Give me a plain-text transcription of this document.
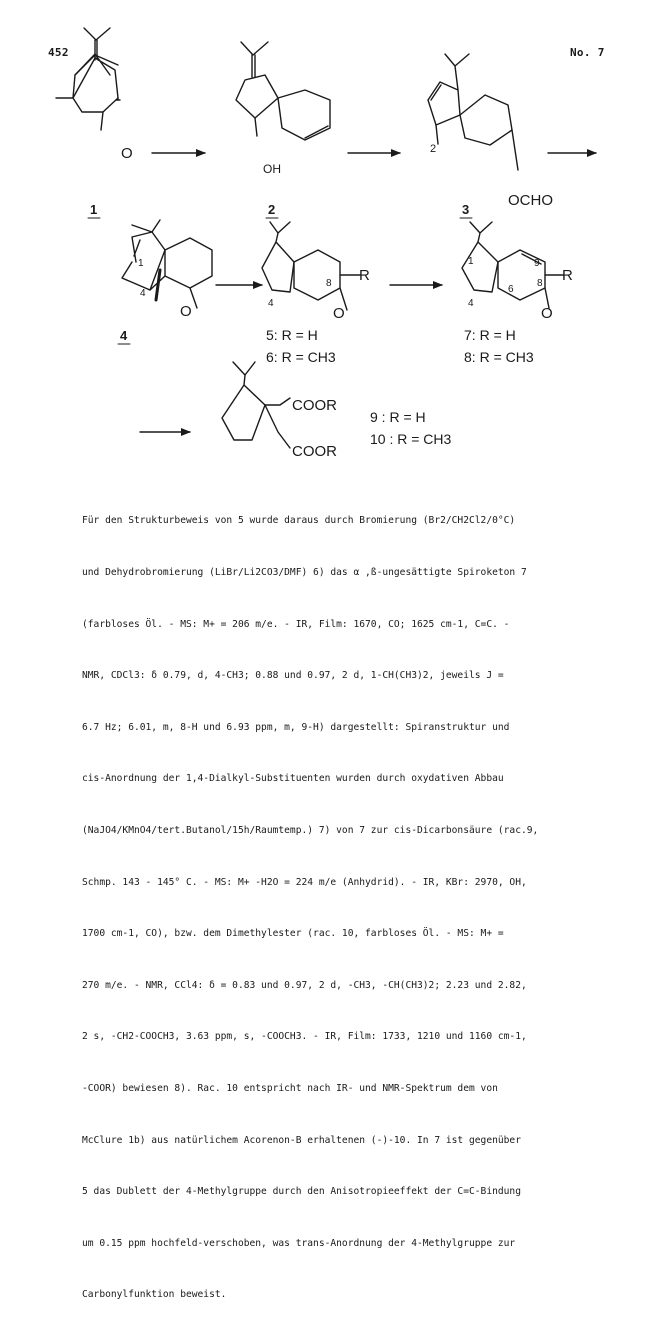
452	No. 7
O
OH
2
OCHO
O	O
R
O
R
COOR
COOR
1
4
4
8
4
1
6
9
8
1	2	3
4	5: R = H
6: R = CH3
7: R = H
8: R = CH3
9 : R = H
10 : R = CH3

Für den Strukturbeweis von 5 wurde daraus durch Bromierung (Br2/CH2Cl2/0°C)

und Dehydrobromierung (LiBr/Li2CO3/DMF) 6) das α ,ß-ungesättigte Spiroketon 7

(farbloses Öl. - MS: M+ = 206 m/e. - IR, Film: 1670, CO; 1625 cm-1, C=C. -

NMR, CDCl3: δ 0.79, d, 4-CH3; 0.88 und 0.97, 2 d, 1-CH(CH3)2, jeweils J =

6.7 Hz; 6.01, m, 8-H und 6.93 ppm, m, 9-H) dargestellt: Spiranstruktur und

cis-Anordnung der 1,4-Dialkyl-Substituenten wurden durch oxydativen Abbau

(NaJO4/KMnO4/tert.Butanol/15h/Raumtemp.) 7) von 7 zur cis-Dicarbonsäure (rac.9,

Schmp. 143 - 145° C. - MS: M+ -H2O = 224 m/e (Anhydrid). - IR, KBr: 2970, OH,

1700 cm-1, CO), bzw. dem Dimethylester (rac. 10, farbloses Öl. - MS: M+ =

270 m/e. - NMR, CCl4: δ = 0.83 und 0.97, 2 d, -CH3, -CH(CH3)2; 2.23 und 2.82,

2 s, -CH2-COOCH3, 3.63 ppm, s, -COOCH3. - IR, Film: 1733, 1210 und 1160 cm-1,

-COOR) bewiesen 8). Rac. 10 entspricht nach IR- und NMR-Spektrum dem von

McClure 1b) aus natürlichem Acorenon-B erhaltenen (-)-10. In 7 ist gegenüber

5 das Dublett der 4-Methylgruppe durch den Anisotropieeffekt der C=C-Bindung

um 0.15 ppm hochfeld-verschoben, was trans-Anordnung der 4-Methylgruppe zur

Carbonylfunktion beweist.
